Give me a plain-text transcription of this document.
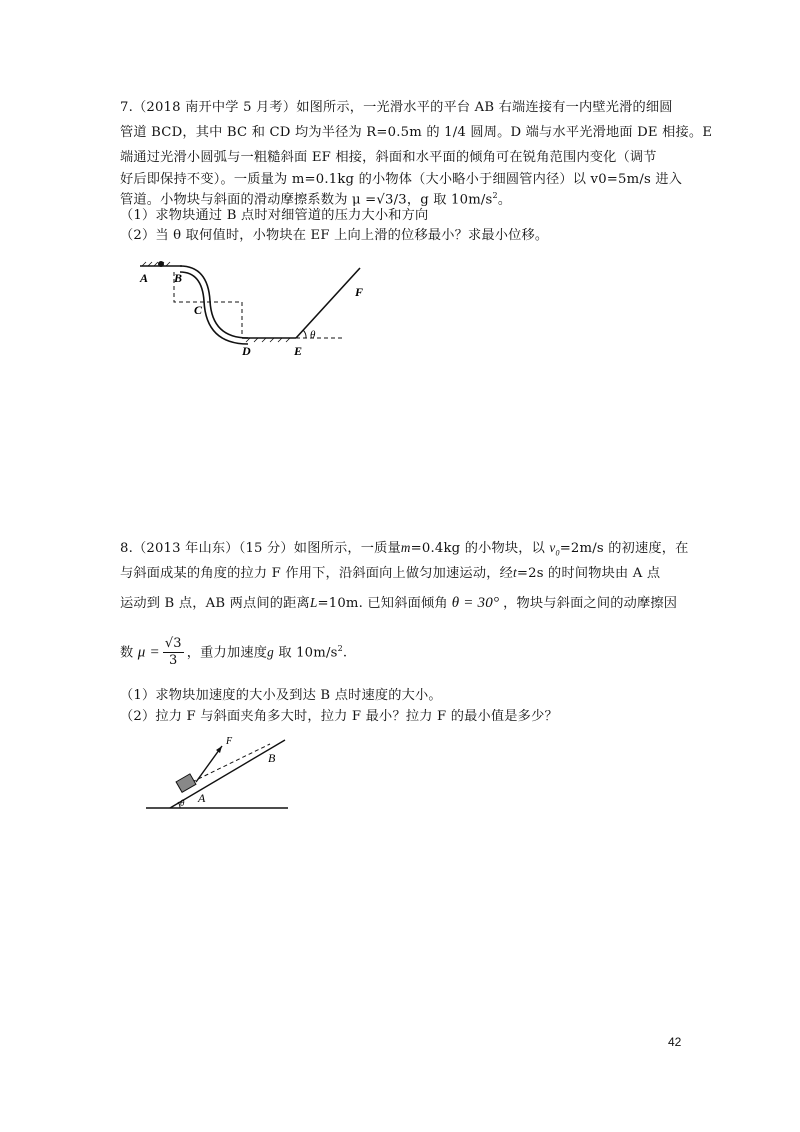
7.（2018 南开中学 5 月考）如图所示，一光滑水平的平台 AB 右端连接有一内壁光滑的细圆
管道 BCD，其中 BC 和 CD 均为半径为 R=0.5m 的 1/4 圆周。D 端与水平光滑地面 DE 相接。E
端通过光滑小圆弧与一粗糙斜面 EF 相接，斜面和水平面的倾角可在锐角范围内变化（调节
好后即保持不变）。一质量为 m=0.1kg 的小物体（大小略小于细圆管内径）以 v0=5m/s 进入
管道。小物块与斜面的滑动摩擦系数为 μ =√3/3，g 取 $10m/s^2$。
（1）求物块通过 B 点时对细管道的压力大小和方向
（2）当 θ 取何值时，小物块在 EF 上向上滑的位移最小？求最小位移。
A B
C
D	E
F
θ
8.（2013 年山东）（15 分）如图所示，一质量m=0.4kg 的小物块，以 $v_0=2m/s$ 的初速度，在
与斜面成某的角度的拉力 F 作用下，沿斜面向上做匀加速运动，经t=2s 的时间物块由 A 点
运动到 B 点，AB 两点间的距离L=10m. 已知斜面倾角 θ = 30° ，物块与斜面之间的动摩擦因
数 $\mu = \frac{√3}{3}$ ，重力加速度g 取 $10m/s^2$.
（1）求物块加速度的大小及到达 B 点时速度的大小。
（2）拉力 F 与斜面夹角多大时，拉力 F 最小？拉力 F 的最小值是多少？
F
B
A
θ
42
